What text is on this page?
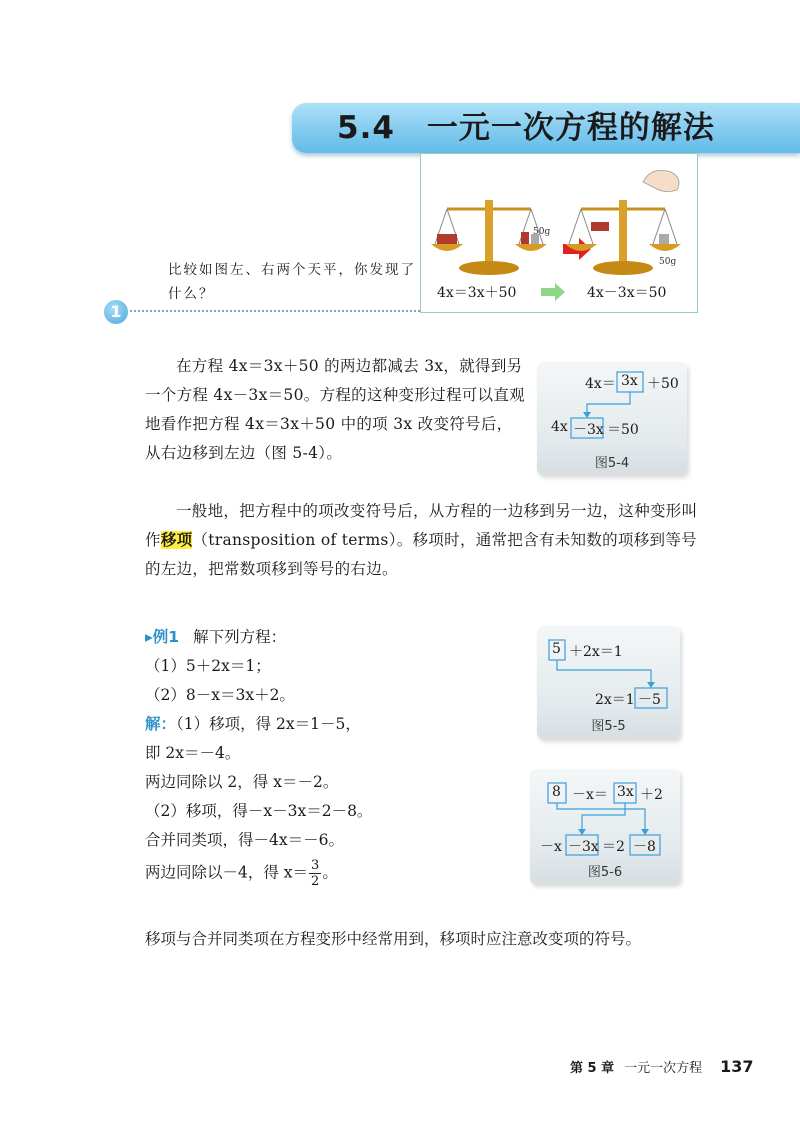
5.4 一元一次方程的解法
50g
50g
4x＝3x＋50	4x－3x＝50
比较如图左、右两个天平，你发现了什么？
1
在方程 4x＝3x＋50 的两边都减去 3x，就得到另一个方程 4x－3x＝50。方程的这种变形过程可以直观地看作把方程 4x＝3x＋50 中的项 3x 改变符号后，从右边移到左边（图 5-4）。
4x＝ 3x ＋50
4x －3x ＝50
图5-4
一般地，把方程中的项改变符号后，从方程的一边移到另一边，这种变形叫作移项（transposition of terms）。移项时，通常把含有未知数的项移到等号的左边，把常数项移到等号的右边。
▸例1 解下列方程：
（1）5＋2x＝1；
（2）8－x＝3x＋2。
解：（1）移项，得 2x＝1－5，
即 2x＝－4。
两边同除以 2，得 x＝－2。
（2）移项，得－x－3x＝2－8。
合并同类项，得－4x＝－6。
两边同除以－4，得 $x= \frac{3}{2}$ 。
5 ＋2x＝1
2x＝1 －5
图5-5
8 －x＝ 3x ＋2
－x －3x ＝2 －8
图5-6
移项与合并同类项在方程变形中经常用到，移项时应注意改变项的符号。
第 5 章 一元一次方程 137
